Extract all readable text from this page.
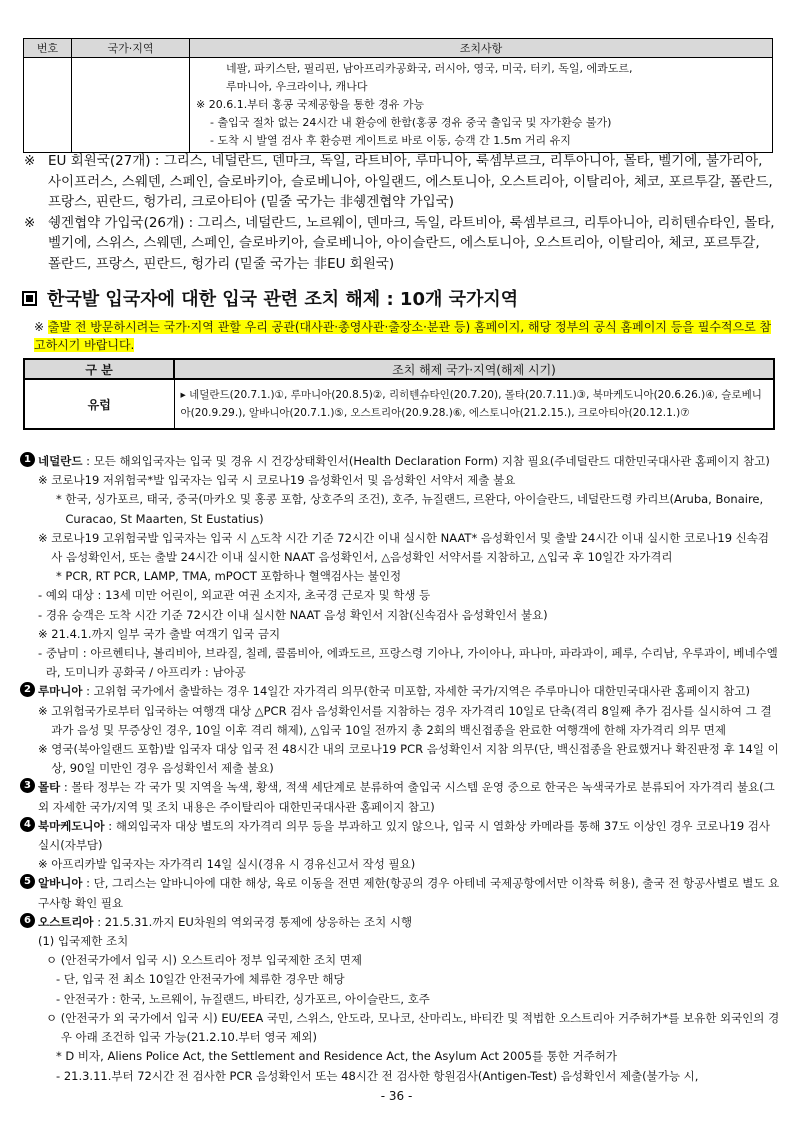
번호	국가·지역	조치사항

		네팔, 파키스탄, 필리핀, 남아프리카공화국, 러시아, 영국, 미국, 터키, 독일, 에콰도르,
루마니아, 우크라이나, 캐나다
※ 20.6.1.부터 홍콩 국제공항을 통한 경유 가능
- 출입국 절차 없는 24시간 내 환승에 한함(홍콩 경유 중국 출입국 및 자가환승 불가)
- 도착 시 발열 검사 후 환승편 게이트로 바로 이동, 승객 간 1.5m 거리 유지
※ EU 회원국(27개) : 그리스, 네덜란드, 덴마크, 독일, 라트비아, 루마니아, 룩셈부르크, 리투아니아, 몰타, 벨기에, 불가리아, 사이프러스, 스웨덴, 스페인, 슬로바키아, 슬로베니아, 아일랜드, 에스토니아, 오스트리아, 이탈리아, 체코, 포르투갈, 폴란드, 프랑스, 핀란드, 헝가리, 크로아티아 (밑줄 국가는 非쉥겐협약 가입국)
※ 쉥겐협약 가입국(26개) : 그리스, 네덜란드, 노르웨이, 덴마크, 독일, 라트비아, 룩셈부르크, 리투아니아, 리히텐슈타인, 몰타, 벨기에, 스위스, 스웨덴, 스페인, 슬로바키아, 슬로베니아, 아이슬란드, 에스토니아, 오스트리아, 이탈리아, 체코, 포르투갈, 폴란드, 프랑스, 핀란드, 헝가리 (밑줄 국가는 非EU 회원국)
한국발 입국자에 대한 입국 관련 조치 해제 : 10개 국가지역
※ 출발 전 방문하시려는 국가·지역 관할 우리 공관(대사관·총영사관·출장소·분관 등) 홈페이지, 해당 정부의 공식 홈페이지 등을 필수적으로 참고하시기 바랍니다.
구 분	조치 해제 국가·지역(해제 시기)
유럽	▸ 네덜란드(20.7.1.)①, 루마니아(20.8.5)②, 리히텐슈타인(20.7.20), 몰타(20.7.11.)③, 북마케도니아(20.6.26.)④, 슬로베니아(20.9.29.), 알바니아(20.7.1.)⑤, 오스트리아(20.9.28.)⑥, 에스토니아(21.2.15.), 크로아티아(20.12.1.)⑦
1 네덜란드 : 모든 해외입국자는 입국 및 경유 시 건강상태확인서(Health Declaration Form) 지참 필요(주네덜란드 대한민국대사관 홈페이지 참고)
※ 코로나19 저위험국*발 입국자는 입국 시 코로나19 음성확인서 및 음성확인 서약서 제출 불요
* 한국, 싱가포르, 태국, 중국(마카오 및 홍콩 포함, 상호주의 조건), 호주, 뉴질랜드, 르완다, 아이슬란드, 네덜란드령 카리브(Aruba, Bonaire, Curacao, St Maarten, St Eustatius)
※ 코로나19 고위험국발 입국자는 입국 시 △도착 시간 기준 72시간 이내 실시한 NAAT* 음성확인서 및 출발 24시간 이내 실시한 코로나19 신속검사 음성확인서, 또는 출발 24시간 이내 실시한 NAAT 음성확인서, △음성확인 서약서를 지참하고, △입국 후 10일간 자가격리
* PCR, RT PCR, LAMP, TMA, mPOCT 포함하나 혈액검사는 불인정
- 예외 대상 : 13세 미만 어린이, 외교관 여권 소지자, 초국경 근로자 및 학생 등
- 경유 승객은 도착 시간 기준 72시간 이내 실시한 NAAT 음성 확인서 지참(신속검사 음성확인서 불요)
※ 21.4.1.까지 일부 국가 출발 여객기 입국 금지
- 중남미 : 아르헨티나, 볼리비아, 브라질, 칠레, 콜롬비아, 에콰도르, 프랑스령 기아나, 가이아나, 파나마, 파라과이, 페루, 수리남, 우루과이, 베네수엘라, 도미니카 공화국 / 아프리카 : 남아공
2 루마니아 : 고위험 국가에서 출발하는 경우 14일간 자가격리 의무(한국 미포함, 자세한 국가/지역은 주루마니아 대한민국대사관 홈페이지 참고)
※ 고위험국가로부터 입국하는 여행객 대상 △PCR 검사 음성확인서를 지참하는 경우 자가격리 10일로 단축(격리 8일째 추가 검사를 실시하여 그 결과가 음성 및 무증상인 경우, 10일 이후 격리 해제), △입국 10일 전까지 총 2회의 백신접종을 완료한 여행객에 한해 자가격리 의무 면제
※ 영국(북아일랜드 포함)발 입국자 대상 입국 전 48시간 내의 코로나19 PCR 음성확인서 지참 의무(단, 백신접종을 완료했거나 확진판정 후 14일 이상, 90일 미만인 경우 음성확인서 제출 불요)
3 몰타 : 몰타 정부는 각 국가 및 지역을 녹색, 황색, 적색 세단계로 분류하여 출입국 시스템 운영 중으로 한국은 녹색국가로 분류되어 자가격리 불요(그 외 자세한 국가/지역 및 조치 내용은 주이탈리아 대한민국대사관 홈페이지 참고)
4 북마케도니아 : 해외입국자 대상 별도의 자가격리 의무 등을 부과하고 있지 않으나, 입국 시 열화상 카메라를 통해 37도 이상인 경우 코로나19 검사 실시(자부담)
※ 아프리카발 입국자는 자가격리 14일 실시(경유 시 경유신고서 작성 필요)
5 알바니아 : 단, 그리스는 알바니아에 대한 해상, 육로 이동을 전면 제한(항공의 경우 아테네 국제공항에서만 이착륙 허용), 출국 전 항공사별로 별도 요구사항 확인 필요
6 오스트리아 : 21.5.31.까지 EU차원의 역외국경 통제에 상응하는 조치 시행
(1) 입국제한 조치
ㅇ (안전국가에서 입국 시) 오스트리아 정부 입국제한 조치 면제
- 단, 입국 전 최소 10일간 안전국가에 체류한 경우만 해당
- 안전국가 : 한국, 노르웨이, 뉴질랜드, 바티칸, 싱가포르, 아이슬란드, 호주
ㅇ (안전국가 외 국가에서 입국 시) EU/EEA 국민, 스위스, 안도라, 모나코, 산마리노, 바티칸 및 적법한 오스트리아 거주허가*를 보유한 외국인의 경우 아래 조건하 입국 가능(21.2.10.부터 영국 제외)
* D 비자, Aliens Police Act, the Settlement and Residence Act, the Asylum Act 2005를 통한 거주허가
- 21.3.11.부터 72시간 전 검사한 PCR 음성확인서 또는 48시간 전 검사한 항원검사(Antigen-Test) 음성확인서 제출(불가능 시,
- 36 -
